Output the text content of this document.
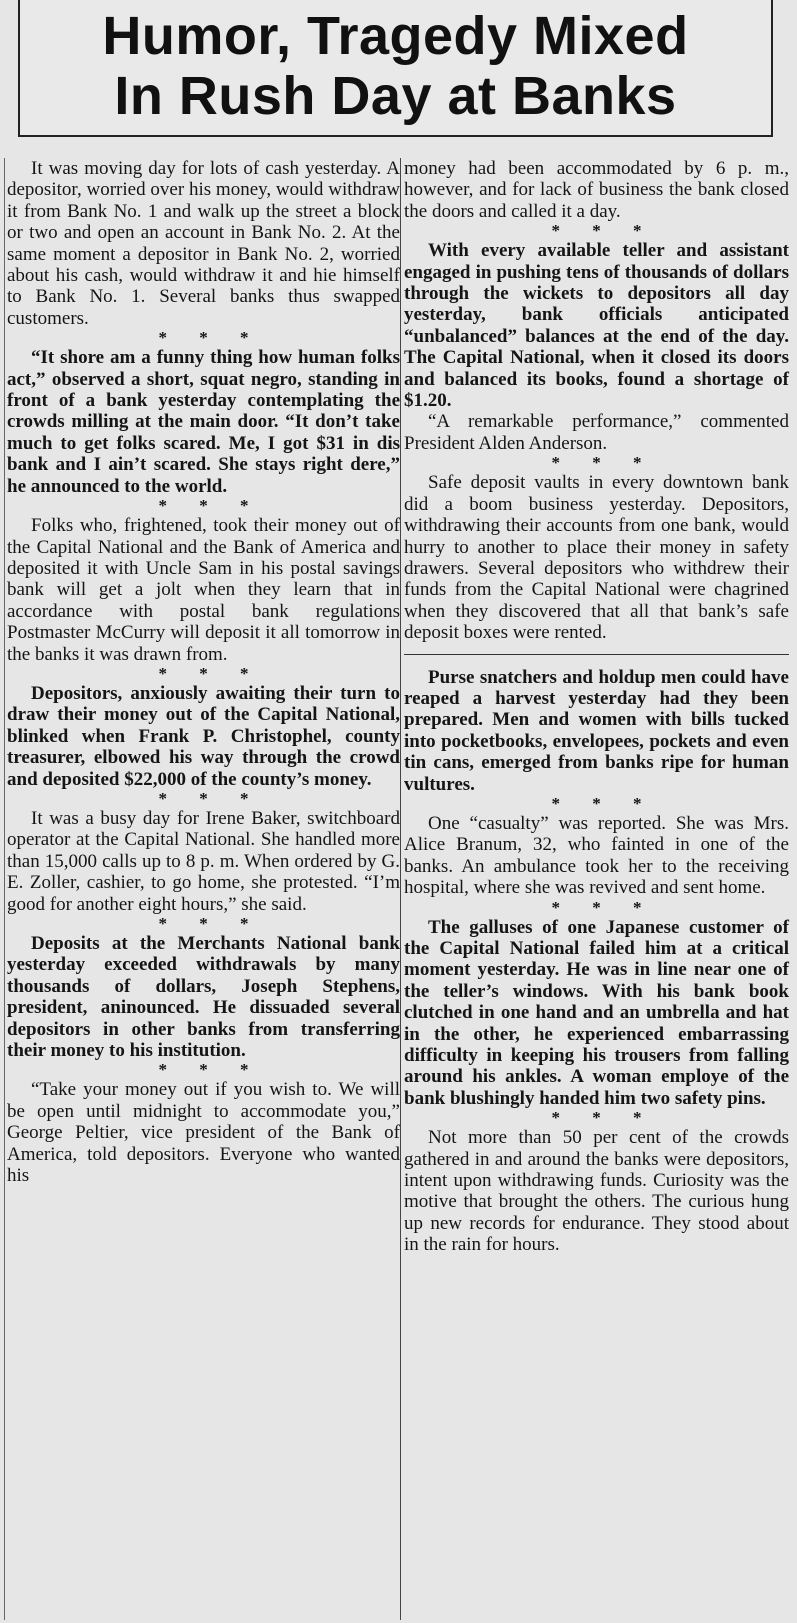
Humor, Tragedy Mixed
In Rush Day at Banks

It was moving day for lots of cash yesterday. A depositor, worried over his money, would withdraw it from Bank No. 1 and walk up the street a block or two and open an account in Bank No. 2. At the same moment a depositor in Bank No. 2, worried about his cash, would withdraw it and hie himself to Bank No. 1. Several banks thus swapped customers.

* * *

“It shore am a funny thing how human folks act,” observed a short, squat negro, standing in front of a bank yesterday contemplating the crowds milling at the main door. “It don’t take much to get folks scared. Me, I got $31 in dis bank and I ain’t scared. She stays right dere,” he announced to the world.

* * *

Folks who, frightened, took their money out of the Capital National and the Bank of America and deposited it with Uncle Sam in his postal savings bank will get a jolt when they learn that in accordance with postal bank regulations Postmaster McCurry will deposit it all tomorrow in the banks it was drawn from.

* * *

Depositors, anxiously awaiting their turn to draw their money out of the Capital National, blinked when Frank P. Christophel, county treasurer, elbowed his way through the crowd and deposited $22,000 of the county’s money.

* * *

It was a busy day for Irene Baker, switchboard operator at the Capital National. She handled more than 15,000 calls up to 8 p. m. When ordered by G. E. Zoller, cashier, to go home, she protested. “I’m good for another eight hours,” she said.

* * *

Deposits at the Merchants National bank yesterday exceeded withdrawals by many thousands of dollars, Joseph Stephens, president, aninounced. He dissuaded several depositors in other banks from transferring their money to his institution.

* * *

“Take your money out if you wish to. We will be open until midnight to accommodate you,” George Peltier, vice president of the Bank of America, told depositors. Everyone who wanted his

money had been accommodated by 6 p. m., however, and for lack of business the bank closed the doors and called it a day.

* * *

With every available teller and assistant engaged in pushing tens of thousands of dollars through the wickets to depositors all day yesterday, bank officials anticipated “unbalanced” balances at the end of the day. The Capital National, when it closed its doors and balanced its books, found a shortage of $1.20.

“A remarkable performance,” commented President Alden Anderson.

* * *

Safe deposit vaults in every downtown bank did a boom business yesterday. Depositors, withdrawing their accounts from one bank, would hurry to another to place their money in safety drawers. Several depositors who withdrew their funds from the Capital National were chagrined when they discovered that all that bank’s safe deposit boxes were rented.

Purse snatchers and holdup men could have reaped a harvest yesterday had they been prepared. Men and women with bills tucked into pocketbooks, envelopees, pockets and even tin cans, emerged from banks ripe for human vultures.

* * *

One “casualty” was reported. She was Mrs. Alice Branum, 32, who fainted in one of the banks. An ambulance took her to the receiving hospital, where she was revived and sent home.

* * *

The galluses of one Japanese customer of the Capital National failed him at a critical moment yesterday. He was in line near one of the teller’s windows. With his bank book clutched in one hand and an umbrella and hat in the other, he experienced embarrassing difficulty in keeping his trousers from falling around his ankles. A woman employe of the bank blushingly handed him two safety pins.

* * *

Not more than 50 per cent of the crowds gathered in and around the banks were depositors, intent upon withdrawing funds. Curiosity was the motive that brought the others. The curious hung up new records for endurance. They stood about in the rain for hours.
